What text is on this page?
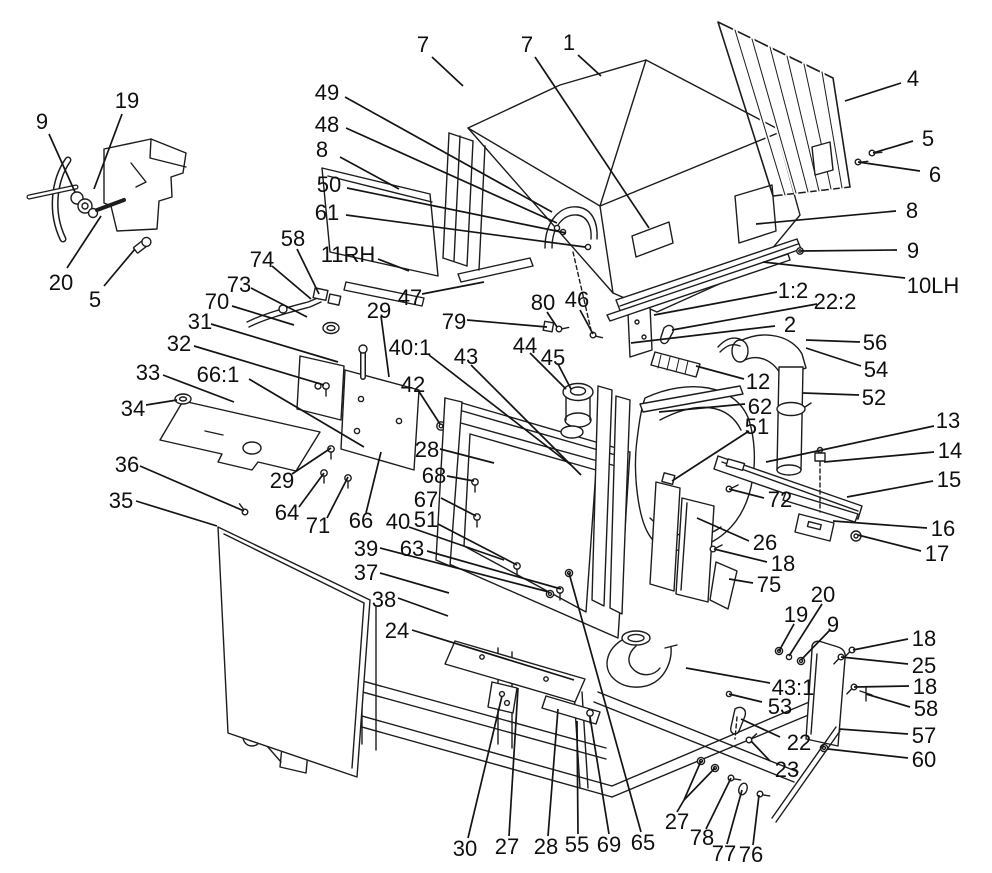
9
19
20
5
7	7 1
49
48
8
50
61
11RH
47
4
5
6
8
9
10LH
58
74
73
70
31	29
32
33 66:1
34
40:1
42
43 44 45
46
80
79
1:2 22:2
2
56
54
12
52
62
51	13
14
15
16
17
72
26
18
75 20
19 9
18
25
18
43:1
53	58
57
22
60
23
30 27 28 55 69 65
27
78
77 76
36
35
29
64
71 66 40 51
39 63
37
38
24
28
68
67
